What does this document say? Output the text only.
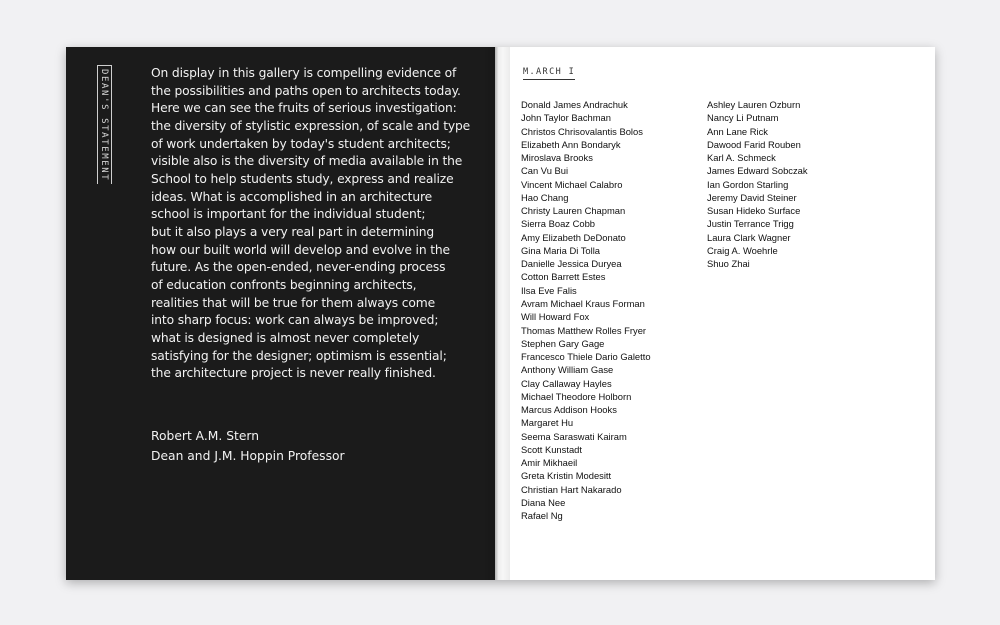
DEAN'S STATEMENT	On display in this gallery is compelling evidence of
the possibilities and paths open to architects today.
Here we can see the fruits of serious investigation:
the diversity of stylistic expression, of scale and type
of work undertaken by today's student architects;
visible also is the diversity of media available in the
School to help students study, express and realize
ideas. What is accomplished in an architecture
school is important for the individual student;
but it also plays a very real part in determining
how our built world will develop and evolve in the
future. As the open-ended, never-ending process
of education confronts beginning architects,
realities that will be true for them always come
into sharp focus: work can always be improved;
what is designed is almost never completely
satisfying for the designer; optimism is essential;
the architecture project is never really finished.
Robert A.M. Stern
Dean and J.M. Hoppin Professor
M.ARCH I
Donald James Andrachuk
John Taylor Bachman
Christos Chrisovalantis Bolos
Elizabeth Ann Bondaryk
Miroslava Brooks
Can Vu Bui
Vincent Michael Calabro
Hao Chang
Christy Lauren Chapman
Sierra Boaz Cobb
Amy Elizabeth DeDonato
Gina Maria Di Tolla
Danielle Jessica Duryea
Cotton Barrett Estes
Ilsa Eve Falis
Avram Michael Kraus Forman
Will Howard Fox
Thomas Matthew Rolles Fryer
Stephen Gary Gage
Francesco Thiele Dario Galetto
Anthony William Gase
Clay Callaway Hayles
Michael Theodore Holborn
Marcus Addison Hooks
Margaret Hu
Seema Saraswati Kairam
Scott Kunstadt
Amir Mikhaeil
Greta Kristin Modesitt
Christian Hart Nakarado
Diana Nee
Rafael Ng
Ashley Lauren Ozburn
Nancy Li Putnam
Ann Lane Rick
Dawood Farid Rouben
Karl A. Schmeck
James Edward Sobczak
Ian Gordon Starling
Jeremy David Steiner
Susan Hideko Surface
Justin Terrance Trigg
Laura Clark Wagner
Craig A. Woehrle
Shuo Zhai
